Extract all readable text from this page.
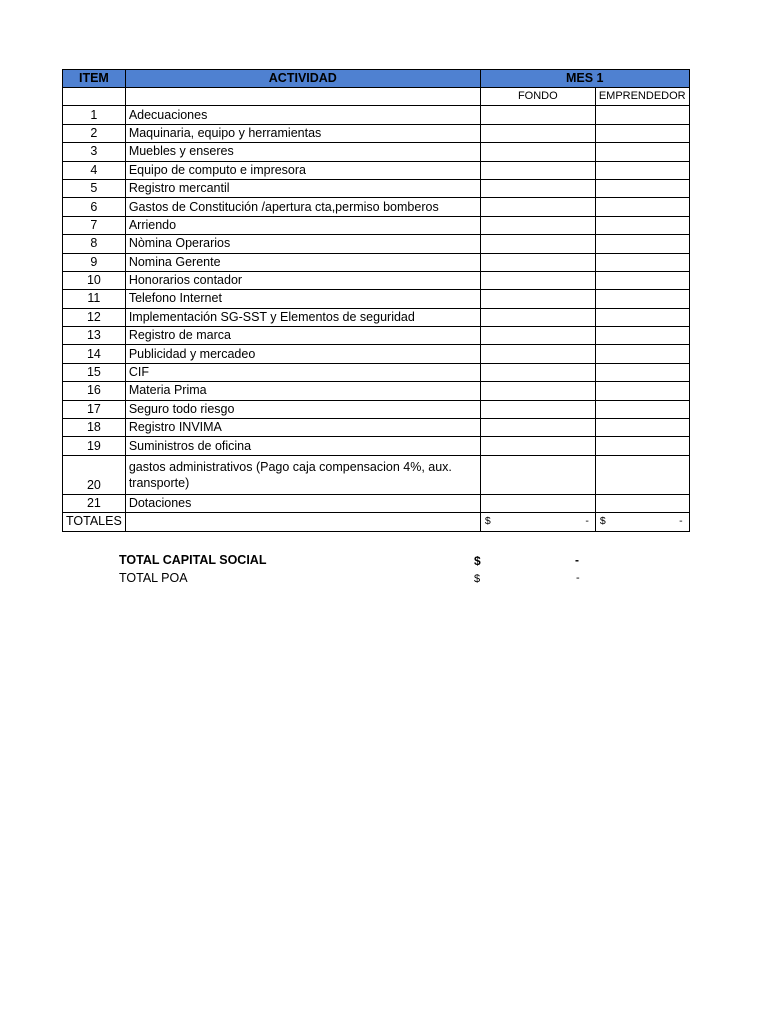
ITEM	ACTIVIDAD	MES 1	
		FONDO	EMPRENDEDOR
1	Adecuaciones		
2	Maquinaria, equipo y herramientas		
3	Muebles y enseres		
4	Equipo de computo e impresora		
5	Registro mercantil		
6	Gastos de Constitución /apertura cta,permiso bomberos		
7	Arriendo		
8	Nòmina Operarios		
9	Nomina Gerente		
10	Honorarios contador		
11	Telefono Internet		
12	Implementación SG-SST y Elementos de seguridad		
13	Registro de marca		
14	Publicidad y mercadeo		
15	CIF		
16	Materia Prima		
17	Seguro todo riesgo		
18	Registro INVIMA		
19	Suministros de oficina		
20	gastos administrativos (Pago caja compensacion 4%, aux. transporte)		
21	Dotaciones		
TOTALES		$ -	$ -
TOTAL CAPITAL SOCIAL	$	-
TOTAL POA	$	-
